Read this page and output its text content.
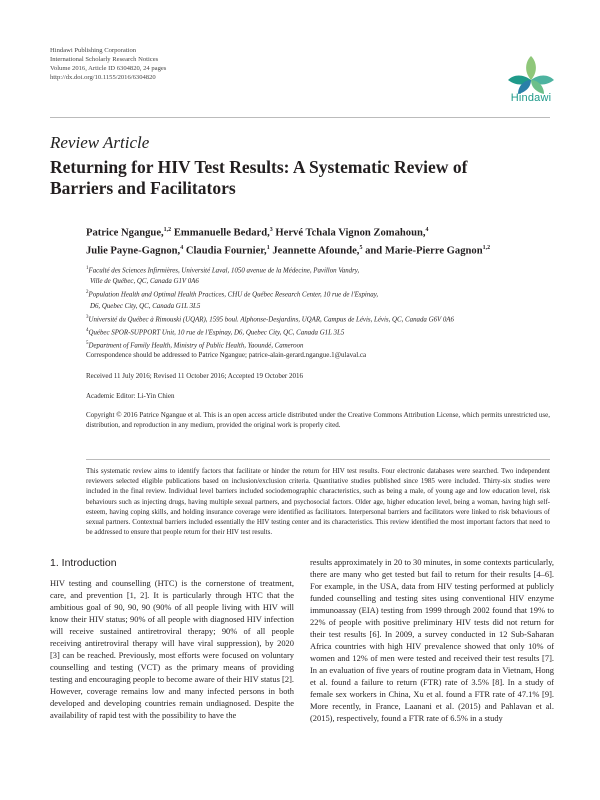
Hindawi Publishing Corporation
International Scholarly Research Notices
Volume 2016, Article ID 6304820, 24 pages
http://dx.doi.org/10.1155/2016/6304820
Hindawi
Review Article
Returning for HIV Test Results: A Systematic Review of
Barriers and Facilitators
Patrice Ngangue,$^{1,2}$ Emmanuelle Bedard,$^3$ Hervé Tchala Vignon Zomahoun,$^4$
Julie Payne-Gagnon,$^4$ Claudia Fournier,$^1$ Jeannette Afounde,$^5$ and Marie-Pierre Gagnon$^{1,2}$
$^1$Faculté des Sciences Infirmières, Université Laval, 1050 avenue de la Médecine, Pavillon Vandry,
Ville de Québec, QC, Canada G1V 0A6
$^2$Population Health and Optimal Health Practices, CHU de Québec Research Center, 10 rue de l'Espinay,
D6, Quebec City, QC, Canada G1L 3L5
$^3$Université du Québec à Rimouski (UQAR), 1595 boul. Alphonse-Desjardins, UQAR, Campus de Lévis, Lévis, QC, Canada G6V 0A6
$^4$Québec SPOR-SUPPORT Unit, 10 rue de l'Espinay, D6, Quebec City, QC, Canada G1L 3L5
$^5$Department of Family Health, Ministry of Public Health, Yaoundé, Cameroon
Correspondence should be addressed to Patrice Ngangue; patrice-alain-gerard.ngangue.1@ulaval.ca
Received 11 July 2016; Revised 11 October 2016; Accepted 19 October 2016
Academic Editor: Li-Yin Chien
Copyright © 2016 Patrice Ngangue et al. This is an open access article distributed under the Creative Commons Attribution License, which permits unrestricted use, distribution, and reproduction in any medium, provided the original work is properly cited.
This systematic review aims to identify factors that facilitate or hinder the return for HIV test results. Four electronic databases were searched. Two independent reviewers selected eligible publications based on inclusion/exclusion criteria. Quantitative studies published since 1985 were included. Thirty-six studies were included in the final review. Individual level barriers included sociodemographic characteristics, such as being a male, of young age and low education level, risk behaviours such as injecting drugs, having multiple sexual partners, and psychosocial factors. Older age, higher education level, being a woman, having high self-esteem, having coping skills, and holding insurance coverage were identified as facilitators. Interpersonal barriers and facilitators were linked to risk behaviours of sexual partners. Contextual barriers included essentially the HIV testing center and its characteristics. This review identified the most important factors that need to be addressed to ensure that people return for their HIV test results.
1. Introduction
HIV testing and counselling (HTC) is the cornerstone of treatment, care, and prevention [1, 2]. It is particularly through HTC that the ambitious goal of 90, 90, 90 (90% of all people living with HIV will know their HIV status; 90% of all people with diagnosed HIV infection will receive sustained antiretroviral therapy; 90% of all people receiving antiretroviral therapy will have viral suppression), by 2020 [3] can be reached. Previously, most efforts were focused on voluntary counselling and testing (VCT) as the primary means of providing testing and encouraging people to become aware of their HIV status [2]. However, coverage remains low and many infected persons in both developed and developing countries remain undiagnosed. Despite the availability of rapid test with the possibility to have the
results approximately in 20 to 30 minutes, in some contexts particularly, there are many who get tested but fail to return for their results [4–6]. For example, in the USA, data from HIV testing performed at publicly funded counselling and testing sites using conventional HIV enzyme immunoassay (EIA) testing from 1999 through 2002 found that 19% to 22% of people with positive preliminary HIV tests did not return for their test results [6]. In 2009, a survey conducted in 12 Sub-Saharan Africa countries with high HIV prevalence showed that only 10% of women and 12% of men were tested and received their test results [7]. In an evaluation of five years of routine program data in Vietnam, Hong et al. found a failure to return (FTR) rate of 3.5% [8]. In a study of female sex workers in China, Xu et al. found a FTR rate of 47.1% [9]. More recently, in France, Laanani et al. (2015) and Pahlavan et al. (2015), respectively, found a FTR rate of 6.5% in a study
